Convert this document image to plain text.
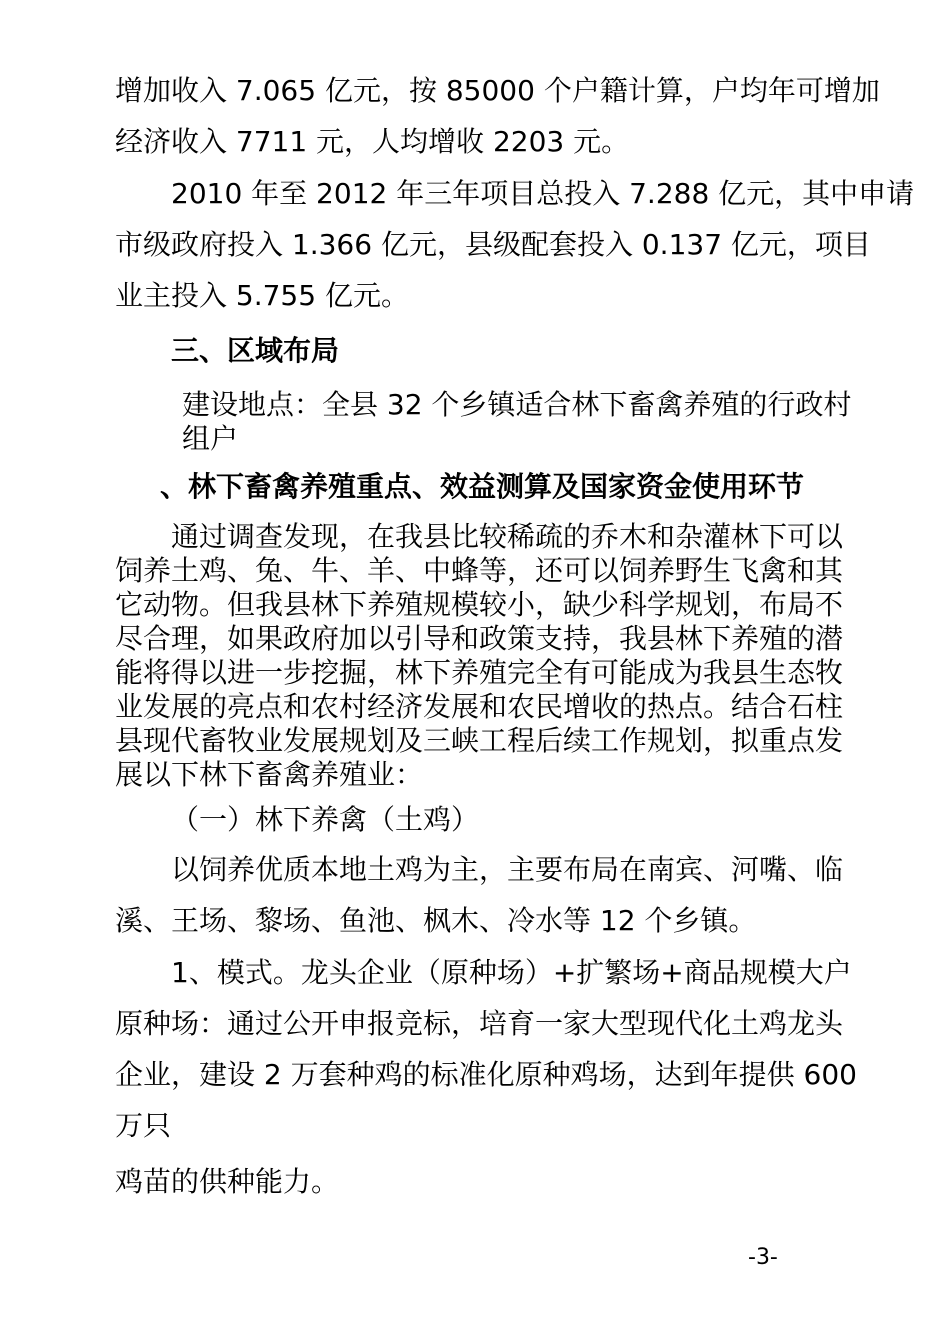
增加收入 7.065 亿元，按 85000 个户籍计算，户均年可增加

经济收入 7711 元，人均增收 2203 元。

2010 年至 2012 年三年项目总投入 7.288 亿元，其中申请

市级政府投入 1.366 亿元，县级配套投入 0.137 亿元，项目

业主投入 5.755 亿元。

三、区域布局

建设地点：全县 32 个乡镇适合林下畜禽养殖的行政村

组户

、林下畜禽养殖重点、效益测算及国家资金使用环节

通过调查发现，在我县比较稀疏的乔木和杂灌林下可以

饲养土鸡、兔、牛、羊、中蜂等，还可以饲养野生飞禽和其

它动物。但我县林下养殖规模较小，缺少科学规划，布局不

尽合理，如果政府加以引导和政策支持，我县林下养殖的潜

能将得以进一步挖掘，林下养殖完全有可能成为我县生态牧

业发展的亮点和农村经济发展和农民增收的热点。结合石柱

县现代畜牧业发展规划及三峡工程后续工作规划，拟重点发

展以下林下畜禽养殖业：

（一）林下养禽（土鸡）

以饲养优质本地土鸡为主，主要布局在南宾、河嘴、临

溪、王场、黎场、鱼池、枫木、冷水等 12 个乡镇。

1、模式。龙头企业（原种场）+扩繁场+商品规模大户

原种场：通过公开申报竞标，培育一家大型现代化土鸡龙头

企业，建设 2 万套种鸡的标准化原种鸡场，达到年提供 600

万只

鸡苗的供种能力。

-3-
